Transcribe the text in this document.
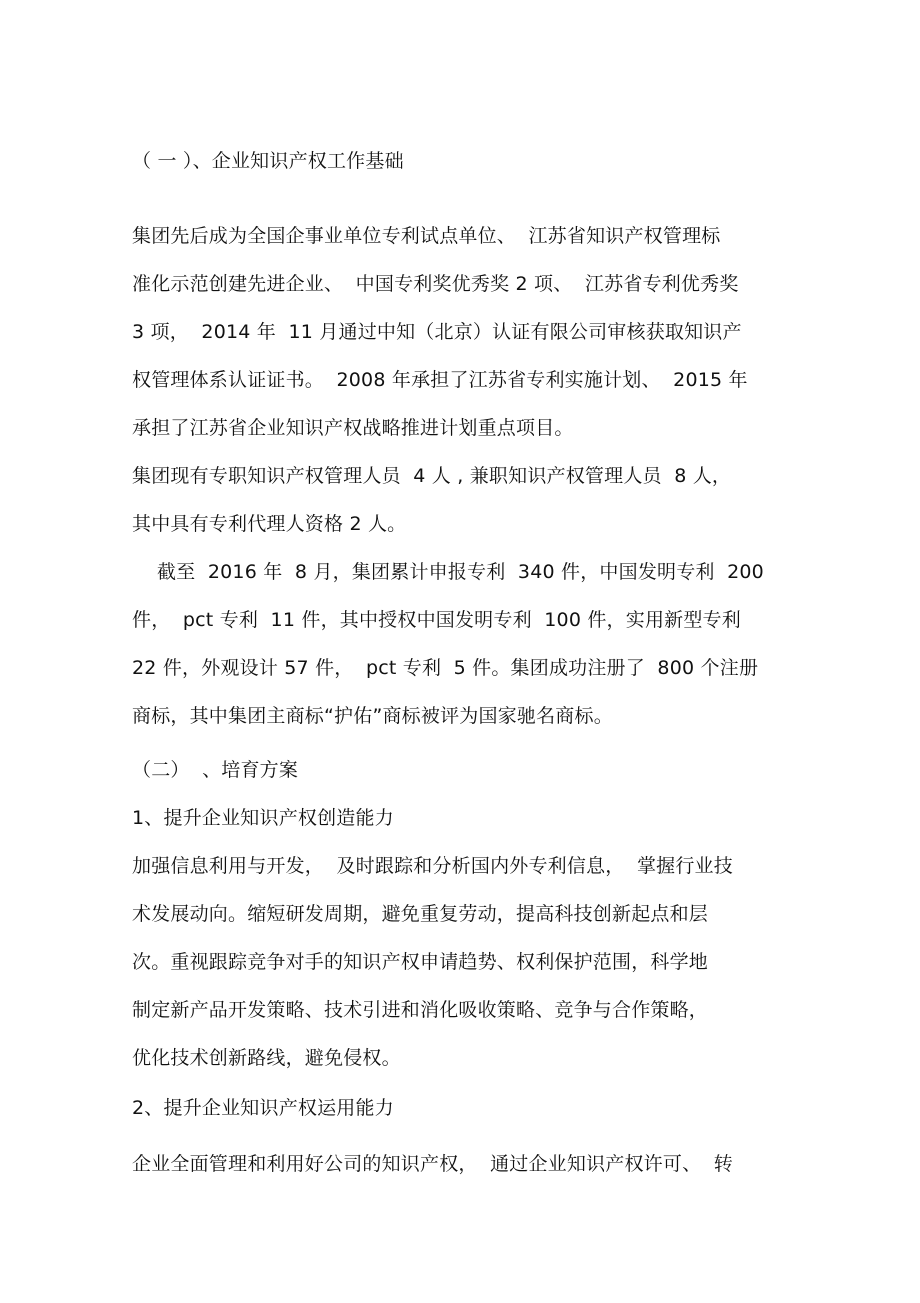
（ 一 ）、企业知识产权工作基础
集团先后成为全国企事业单位专利试点单位、  江苏省知识产权管理标
准化示范创建先进企业、  中国专利奖优秀奖 2 项、  江苏省专利优秀奖
3 项，  2014 年  11 月通过中知（北京）认证有限公司审核获取知识产
权管理体系认证证书。  2008 年承担了江苏省专利实施计划、  2015 年
承担了江苏省企业知识产权战略推进计划重点项目。
集团现有专职知识产权管理人员  4 人 , 兼职知识产权管理人员  8 人，
其中具有专利代理人资格 2 人。
截至  2016 年  8 月，集团累计申报专利  340 件，中国发明专利  200
件，  pct 专利  11 件，其中授权中国发明专利  100 件，实用新型专利
22 件，外观设计 57 件，  pct 专利  5 件。集团成功注册了  800 个注册
商标，其中集团主商标“护佑”商标被评为国家驰名商标。
（二）  、培育方案
1、提升企业知识产权创造能力
加强信息利用与开发，  及时跟踪和分析国内外专利信息，  掌握行业技
术发展动向。缩短研发周期，避免重复劳动，提高科技创新起点和层
次。重视跟踪竞争对手的知识产权申请趋势、权利保护范围，科学地
制定新产品开发策略、技术引进和消化吸收策略、竞争与合作策略，
优化技术创新路线，避免侵权。
2、提升企业知识产权运用能力
企业全面管理和利用好公司的知识产权，  通过企业知识产权许可、  转
